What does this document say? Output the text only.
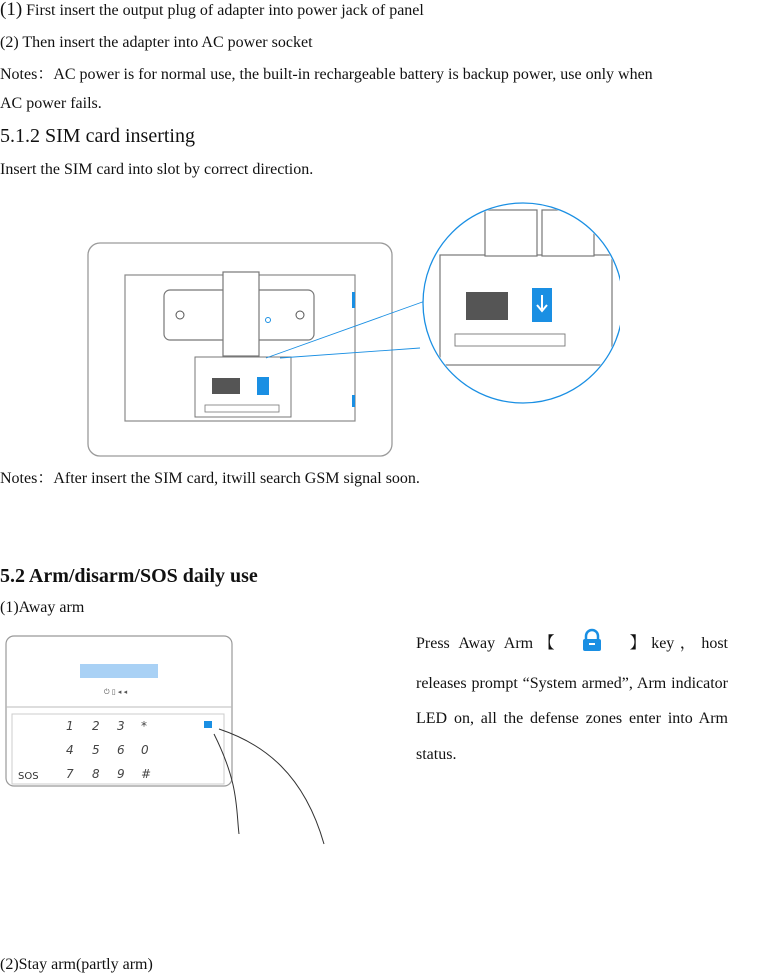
(1) First insert the output plug of adapter into power jack of panel
(2) Then insert the adapter into AC power socket
Notes：AC power is for normal use, the built-in rechargeable battery is backup power, use only when
AC power fails.
5.1.2 SIM card inserting
Insert the SIM card into slot by correct direction.
Notes：After insert the SIM card, itwill search GSM signal soon.
5.2 Arm/disarm/SOS daily use
(1)Away arm
⏻ ▯ ◂ ◂
SOS
1 2 3 *
4 5 6 0
7 8 9 #
Press Away Arm【	】key，host releases prompt “System armed”, Arm indicator LED on, all the defense zones enter into Arm status.
(2)Stay arm(partly arm)
